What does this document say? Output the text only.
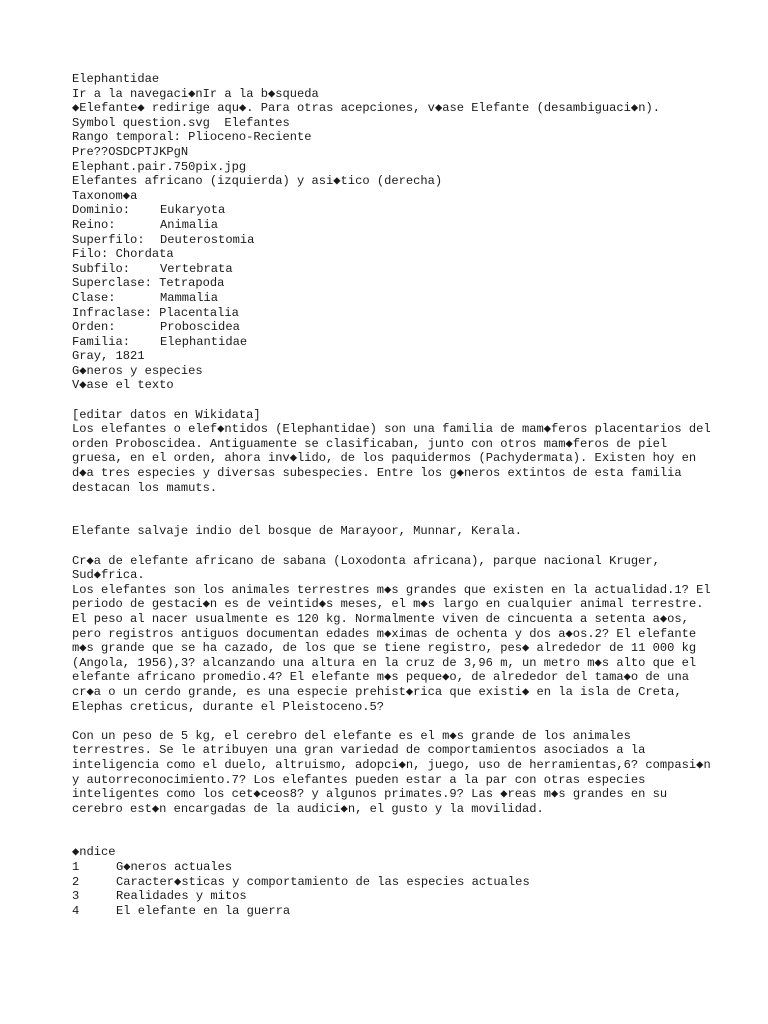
Elephantidae
Ir a la navegaci◆nIr a la b◆squeda
◆Elefante◆ redirige aqu◆. Para otras acepciones, v◆ase Elefante (desambiguaci◆n).
Symbol question.svg  Elefantes
Rango temporal: Plioceno-Reciente
Pre??OSDCPTJKPgN
Elephant.pair.750pix.jpg
Elefantes africano (izquierda) y asi◆tico (derecha)
Taxonom◆a
Dominio: Eukaryota
Reino:	Animalia
Superfilo: Deuterostomia
Filo: Chordata
Subfilo: Vertebrata
Superclase: Tetrapoda
Clase:	Mammalia
Infraclase: Placentalia
Orden:	Proboscidea
Familia: Elephantidae
Gray, 1821
G◆neros y especies
V◆ase el texto
[editar datos en Wikidata]
Los elefantes o elef◆ntidos (Elephantidae) son una familia de mam◆feros placentarios del orden Proboscidea. Antiguamente se clasificaban, junto con otros mam◆feros de piel gruesa, en el orden, ahora inv◆lido, de los paquidermos (Pachydermata). Existen hoy en d◆a tres especies y diversas subespecies. Entre los g◆neros extintos de esta familia destacan los mamuts.
Elefante salvaje indio del bosque de Marayoor, Munnar, Kerala.
Cr◆a de elefante africano de sabana (Loxodonta africana), parque nacional Kruger, Sud◆frica.
Los elefantes son los animales terrestres m◆s grandes que existen en la actualidad.1? El periodo de gestaci◆n es de veintid◆s meses, el m◆s largo en cualquier animal terrestre. El peso al nacer usualmente es 120 kg. Normalmente viven de cincuenta a setenta a◆os, pero registros antiguos documentan edades m◆ximas de ochenta y dos a◆os.2? El elefante m◆s grande que se ha cazado, de los que se tiene registro, pes◆ alrededor de 11 000 kg (Angola, 1956),3? alcanzando una altura en la cruz de 3,96 m, un metro m◆s alto que el elefante africano promedio.4? El elefante m◆s peque◆o, de alrededor del tama◆o de una cr◆a o un cerdo grande, es una especie prehist◆rica que existi◆ en la isla de Creta, Elephas creticus, durante el Pleistoceno.5?
Con un peso de 5 kg, el cerebro del elefante es el m◆s grande de los animales terrestres. Se le atribuyen una gran variedad de comportamientos asociados a la inteligencia como el duelo, altruismo, adopci◆n, juego, uso de herramientas,6? compasi◆n y autorreconocimiento.7? Los elefantes pueden estar a la par con otras especies inteligentes como los cet◆ceos8? y algunos primates.9? Las ◆reas m◆s grandes en su cerebro est◆n encargadas de la audici◆n, el gusto y la movilidad.
◆ndice
1	G◆neros actuales
2	Caracter◆sticas y comportamiento de las especies actuales
3	Realidades y mitos
4	El elefante en la guerra
